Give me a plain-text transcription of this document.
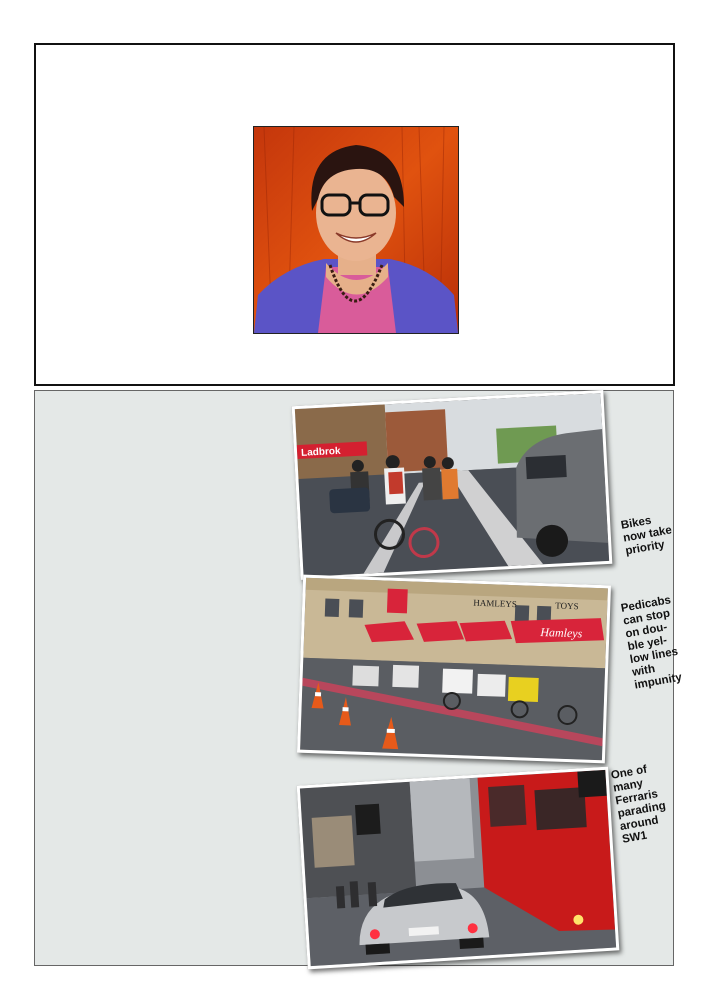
Ladbrok

Bikes
now take
priority

HAMLEYS	TOYS
Hamleys

Pedicabs
can stop
on dou-
ble yel-
low lines
with
impunity

One of
many
Ferraris
parading
around
SW1
